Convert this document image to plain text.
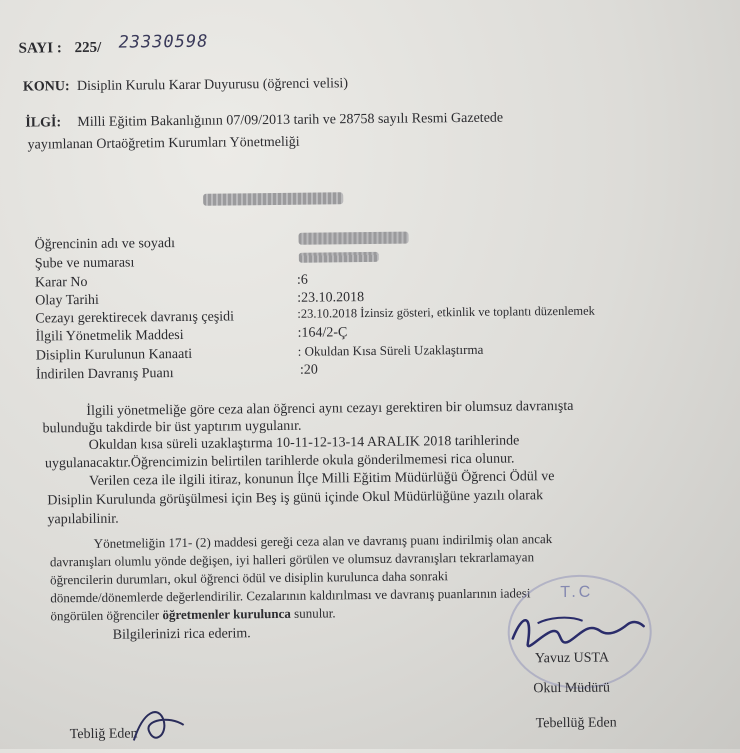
SAYI : 225/ 23330598
KONU: Disiplin Kurulu Karar Duyurusu (öğrenci velisi)
İLGİ: Milli Eğitim Bakanlığının 07/09/2013 tarih ve 28758 sayılı Resmi Gazetede
yayımlanan Ortaöğretim Kurumları Yönetmeliği
Öğrencinin adı ve soyadı
Şube ve numarası
Karar No	:6
Olay Tarihi	:23.10.2018
Cezayı gerektirecek davranış çeşidi	:23.10.2018 İzinsiz gösteri, etkinlik ve toplantı düzenlemek
İlgili Yönetmelik Maddesi	:164/2-Ç
Disiplin Kurulunun Kanaati	: Okuldan Kısa Süreli Uzaklaştırma
İndirilen Davranış Puanı	:20
İlgili yönetmeliğe göre ceza alan öğrenci aynı cezayı gerektiren bir olumsuz davranışta
bulunduğu takdirde bir üst yaptırım uygulanır.
Okuldan kısa süreli uzaklaştırma 10-11-12-13-14 ARALIK 2018 tarihlerinde
uygulanacaktır.Öğrencimizin belirtilen tarihlerde okula gönderilmemesi rica olunur.
Verilen ceza ile ilgili itiraz, konunun İlçe Milli Eğitim Müdürlüğü Öğrenci Ödül ve
Disiplin Kurulunda görüşülmesi için Beş iş günü içinde Okul Müdürlüğüne yazılı olarak
yapılabilinir.
Yönetmeliğin 171- (2) maddesi gereği ceza alan ve davranış puanı indirilmiş olan ancak
davranışları olumlu yönde değişen, iyi halleri görülen ve olumsuz davranışları tekrarlamayan
öğrencilerin durumları, okul öğrenci ödül ve disiplin kurulunca daha sonraki
dönemde/dönemlerde değerlendirilir. Cezalarının kaldırılması ve davranış puanlarının iadesi
öngörülen öğrenciler öğretmenler kurulunca sunulur.
Bilgilerinizi rica ederim.
T.C
Yavuz USTA
Okul Müdürü
Tebellüğ Eden
Tebliğ Eden
